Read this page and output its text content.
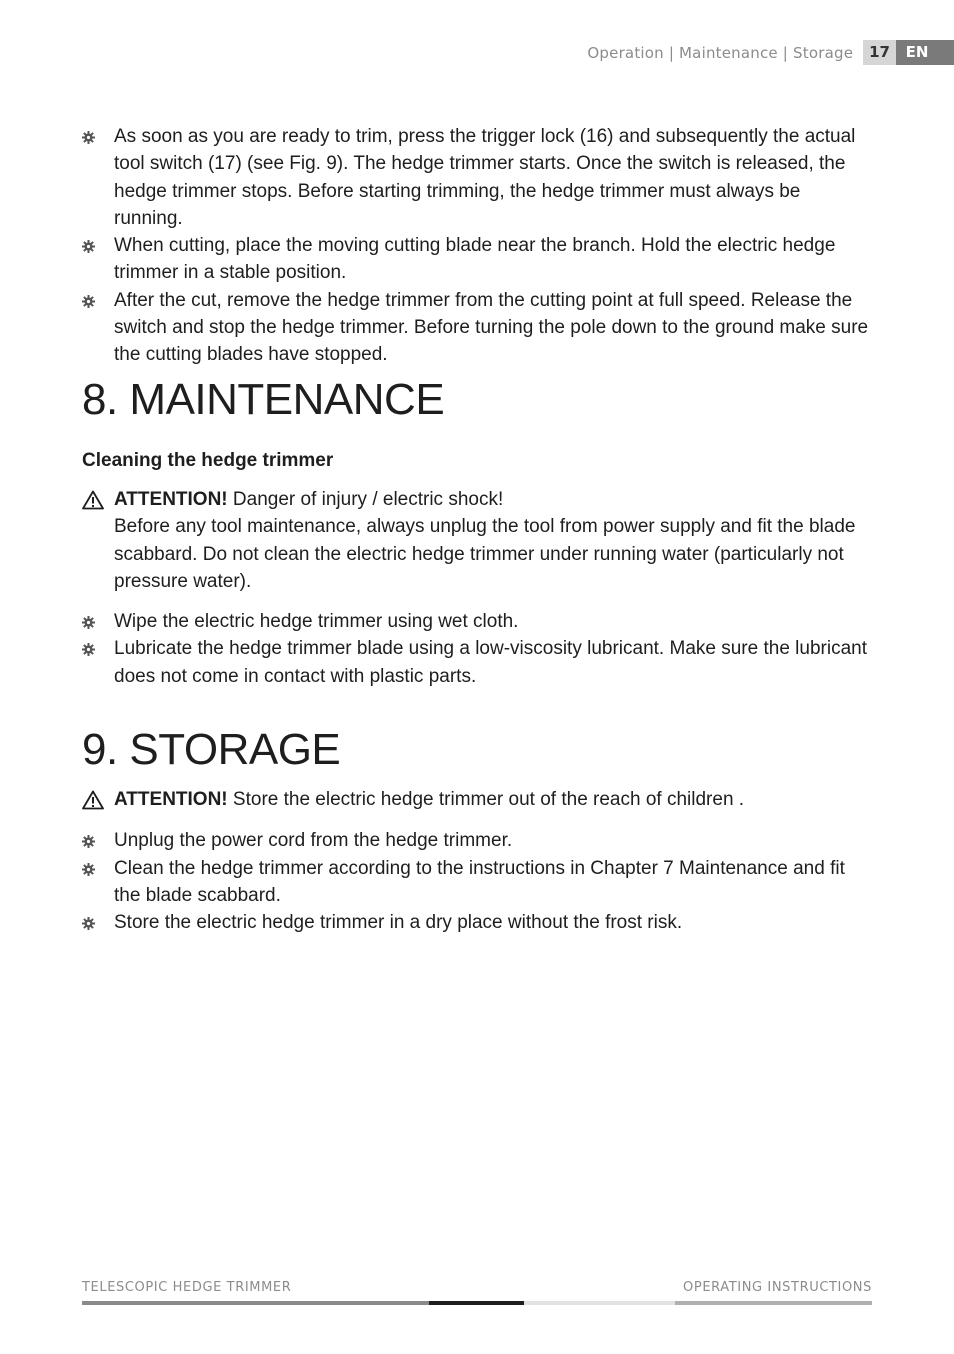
Operation | Maintenance | Storage	17	EN
As soon as you are ready to trim, press the trigger lock (16) and subsequently the actual tool switch (17) (see Fig. 9). The hedge trimmer starts. Once the switch is released, the hedge trimmer stops. Before starting trimming, the hedge trimmer must always be running.
When cutting, place the moving cutting blade near the branch. Hold the electric hedge trimmer in a stable position.
After the cut, remove the hedge trimmer from the cutting point at full speed. Release the switch and stop the hedge trimmer. Before turning the pole down to the ground make sure the cutting blades have stopped.
8. MAINTENANCE
Cleaning the hedge trimmer
ATTENTION! Danger of injury / electric shock!
Before any tool maintenance, always unplug the tool from power supply and fit the blade scabbard. Do not clean the electric hedge trimmer under running water (particularly not pressure water).
Wipe the electric hedge trimmer using wet cloth.
Lubricate the hedge trimmer blade using a low-viscosity lubricant. Make sure the lubricant does not come in contact with plastic parts.
9. STORAGE
ATTENTION! Store the electric hedge trimmer out of the reach of children .
Unplug the power cord from the hedge trimmer.
Clean the hedge trimmer according to the instructions in Chapter 7 Maintenance and fit the blade scabbard.
Store the electric hedge trimmer in a dry place without the frost risk.
TELESCOPIC HEDGE TRIMMER	OPERATING INSTRUCTIONS
